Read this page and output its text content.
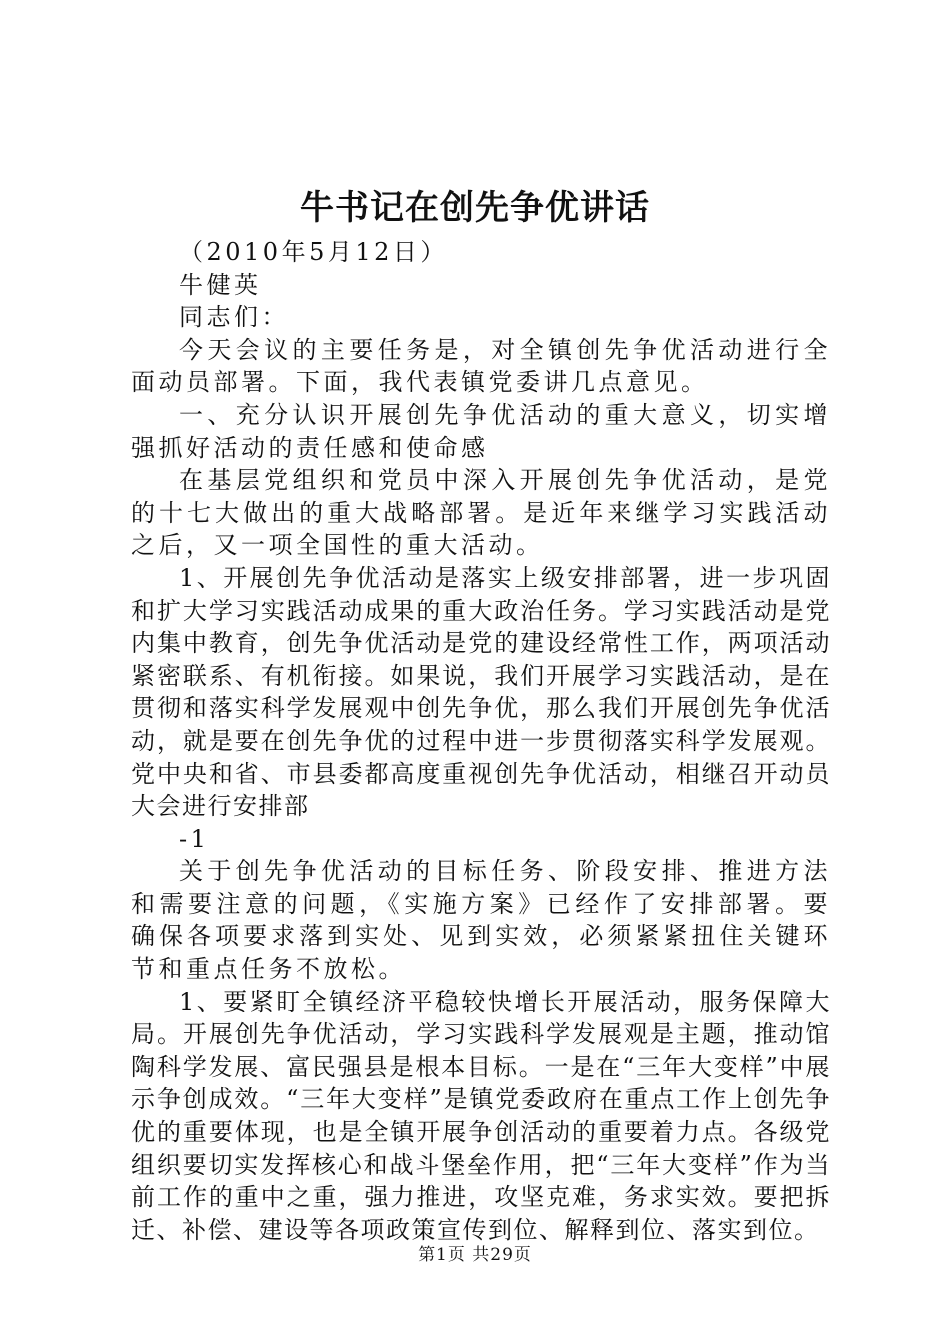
牛书记在创先争优讲话

（2010年5月12日）

牛健英

同志们：

今天会议的主要任务是，对全镇创先争优活动进行全面动员部署。下面，我代表镇党委讲几点意见。

一、充分认识开展创先争优活动的重大意义，切实增强抓好活动的责任感和使命感

在基层党组织和党员中深入开展创先争优活动，是党的十七大做出的重大战略部署。是近年来继学习实践活动之后，又一项全国性的重大活动。

1、开展创先争优活动是落实上级安排部署，进一步巩固和扩大学习实践活动成果的重大政治任务。学习实践活动是党内集中教育，创先争优活动是党的建设经常性工作，两项活动紧密联系、有机衔接。如果说，我们开展学习实践活动，是在贯彻和落实科学发展观中创先争优，那么我们开展创先争优活动，就是要在创先争优的过程中进一步贯彻落实科学发展观。党中央和省、市县委都高度重视创先争优活动，相继召开动员大会进行安排部

-1

关于创先争优活动的目标任务、阶段安排、推进方法和需要注意的问题，《实施方案》已经作了安排部署。要确保各项要求落到实处、见到实效，必须紧紧扭住关键环节和重点任务不放松。

1、要紧盯全镇经济平稳较快增长开展活动，服务保障大局。开展创先争优活动，学习实践科学发展观是主题，推动馆陶科学发展、富民强县是根本目标。一是在“三年大变样”中展示争创成效。“三年大变样”是镇党委政府在重点工作上创先争优的重要体现，也是全镇开展争创活动的重要着力点。各级党组织要切实发挥核心和战斗堡垒作用，把“三年大变样”作为当前工作的重中之重，强力推进，攻坚克难，务求实效。要把拆迁、补偿、建设等各项政策宣传到位、解释到位、落实到位。

第1页 共29页
